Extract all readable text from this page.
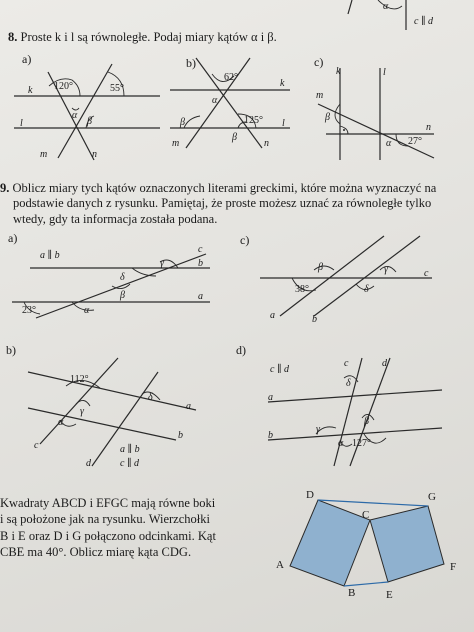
α
c ∥ d
k
l
m	n
120°	55°
α
β
b)
k
l
m	n
62°
125°
α
β
β
c)
k	l
m
n
β
α 27°
a)
a ∥ b
c
b
a
23°	α
β
γ
δ
c)
38°
β	γ
δ
a	b
c
b)
112°
α
γ
δ
a
b
c
d
a ∥ b
c ∥ d
d)
c ∥ d
c	d
a
b
γ
α 127°
β
δ
A
B
C
D
E
F
G
8. Proste k i l są równoległe. Podaj miary kątów α i β.
a)
9. Oblicz miary tych kątów oznaczonych literami greckimi, które można wyznaczyć na
podstawie danych z rysunku. Pamiętaj, że proste możesz uznać za równoległe tylko
wtedy, gdy ta informacja została podana.
Kwadraty ABCD i EFGC mają równe boki
i są położone jak na rysunku. Wierzchołki
B i E oraz D i G połączono odcinkami. Kąt
CBE ma 40°. Oblicz miarę kąta CDG.
